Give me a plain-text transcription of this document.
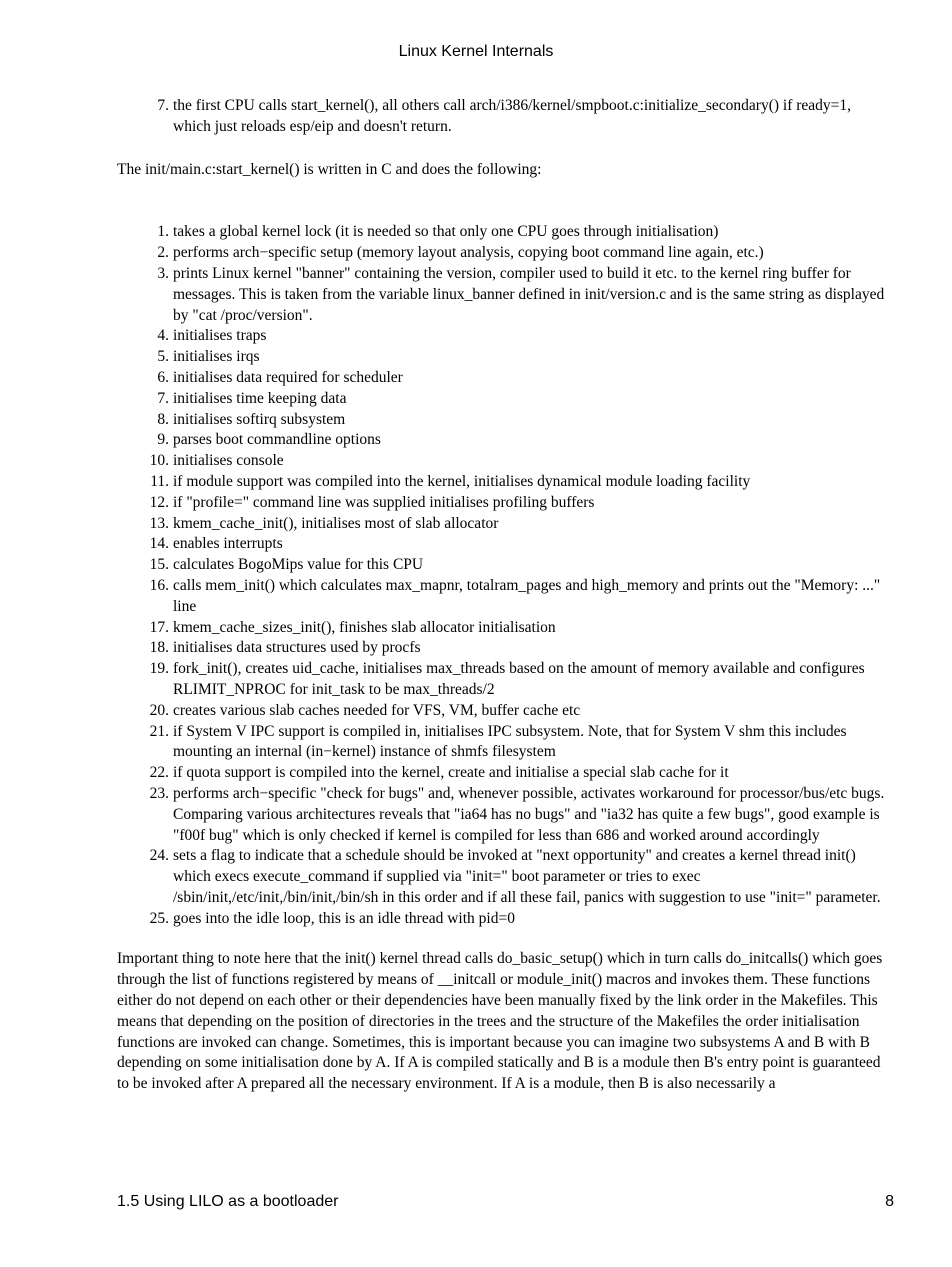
Linux Kernel Internals
7. the first CPU calls start_kernel(), all others call arch/i386/kernel/smpboot.c:initialize_secondary() if ready=1, which just reloads esp/eip and doesn't return.

The init/main.c:start_kernel() is written in C and does the following:

1. takes a global kernel lock (it is needed so that only one CPU goes through initialisation)
2. performs arch−specific setup (memory layout analysis, copying boot command line again, etc.)
3. prints Linux kernel "banner" containing the version, compiler used to build it etc. to the kernel ring buffer for messages. This is taken from the variable linux_banner defined in init/version.c and is the same string as displayed by "cat /proc/version".
4. initialises traps
5. initialises irqs
6. initialises data required for scheduler
7. initialises time keeping data
8. initialises softirq subsystem
9. parses boot commandline options
10. initialises console
11. if module support was compiled into the kernel, initialises dynamical module loading facility
12. if "profile=" command line was supplied initialises profiling buffers
13. kmem_cache_init(), initialises most of slab allocator
14. enables interrupts
15. calculates BogoMips value for this CPU
16. calls mem_init() which calculates max_mapnr, totalram_pages and high_memory and prints out the "Memory: ..." line
17. kmem_cache_sizes_init(), finishes slab allocator initialisation
18. initialises data structures used by procfs
19. fork_init(), creates uid_cache, initialises max_threads based on the amount of memory available and configures RLIMIT_NPROC for init_task to be max_threads/2
20. creates various slab caches needed for VFS, VM, buffer cache etc
21. if System V IPC support is compiled in, initialises IPC subsystem. Note, that for System V shm this includes mounting an internal (in−kernel) instance of shmfs filesystem
22. if quota support is compiled into the kernel, create and initialise a special slab cache for it
23. performs arch−specific "check for bugs" and, whenever possible, activates workaround for processor/bus/etc bugs. Comparing various architectures reveals that "ia64 has no bugs" and "ia32 has quite a few bugs", good example is "f00f bug" which is only checked if kernel is compiled for less than 686 and worked around accordingly
24. sets a flag to indicate that a schedule should be invoked at "next opportunity" and creates a kernel thread init() which execs execute_command if supplied via "init=" boot parameter or tries to exec /sbin/init,/etc/init,/bin/init,/bin/sh in this order and if all these fail, panics with suggestion to use "init=" parameter.
25. goes into the idle loop, this is an idle thread with pid=0

Important thing to note here that the init() kernel thread calls do_basic_setup() which in turn calls do_initcalls() which goes through the list of functions registered by means of __initcall or module_init() macros and invokes them. These functions either do not depend on each other or their dependencies have been manually fixed by the link order in the Makefiles. This means that depending on the position of directories in the trees and the structure of the Makefiles the order initialisation functions are invoked can change. Sometimes, this is important because you can imagine two subsystems A and B with B depending on some initialisation done by A. If A is compiled statically and B is a module then B's entry point is guaranteed to be invoked after A prepared all the necessary environment. If A is a module, then B is also necessarily a

1.5 Using LILO as a bootloader	8
